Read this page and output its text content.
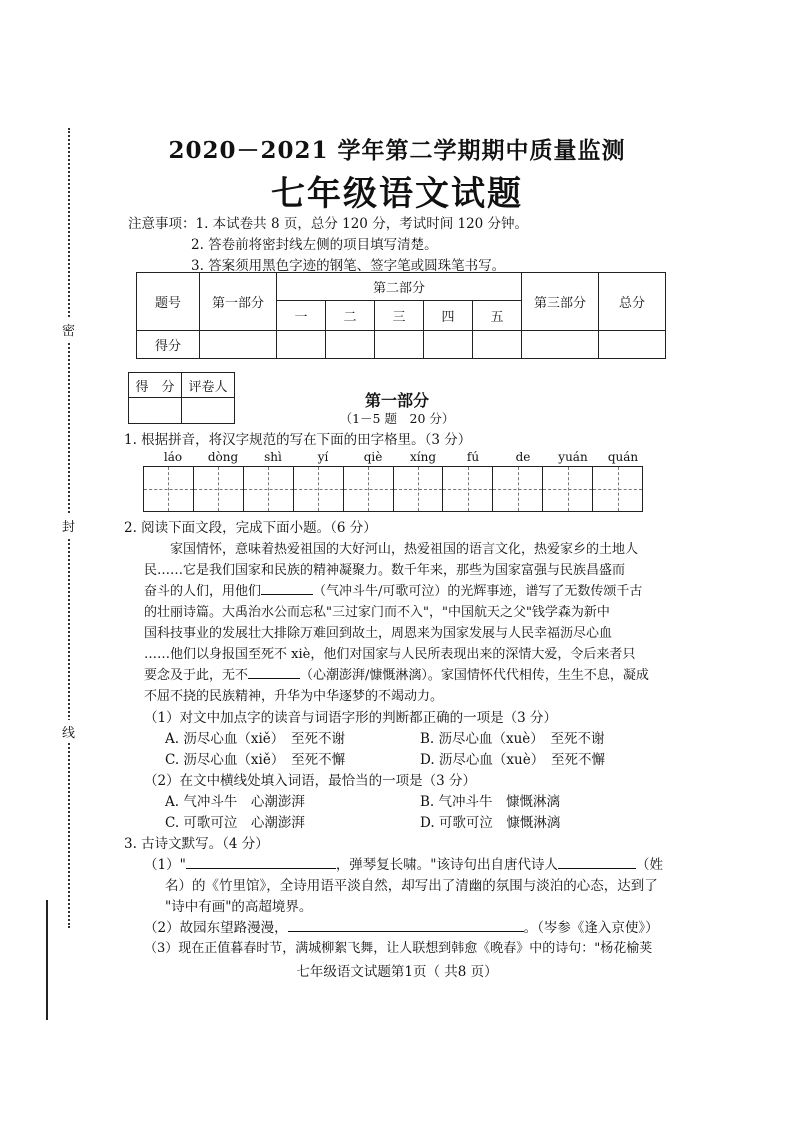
密
封
线
2020－2021 学年第二学期期中质量监测
七年级语文试题
注意事项：1. 本试卷共 8 页，总分 120 分，考试时间 120 分钟。
2. 答卷前将密封线左侧的项目填写清楚。
3. 答案须用黑色字迹的钢笔、签字笔或圆珠笔书写。
题号	第一部分	第二部分					第三部分	总分
		一	二	三	四	五		
得分								
得　分	评卷人

第一部分
（1－5 题　20 分）
1. 根据拼音，将汉字规范的写在下面的田字格里。（3 分）
láo	dòng	shì	yí	qiè	xíng	fú	de	yuán	quán
2. 阅读下面文段，完成下面小题。（6 分）
家国情怀，意味着热爱祖国的大好河山，热爱祖国的语言文化，热爱家乡的土地人
民……它是我们国家和民族的精神凝聚力。数千年来，那些为国家富强与民族昌盛而
奋斗的人们，用他们	（气冲斗牛/可歌可泣）的光辉事迹，谱写了无数传颂千古
的壮丽诗篇。大禹治水公而忘私"三过家门而不入"，"中国航天之父"钱学森为新中
国科技事业的发展壮大排除万难回到故土，周恩来为国家发展与人民幸福沥尽心血
……他们以身报国至死不 xiè，他们对国家与人民所表现出来的深情大爱，令后来者只
要念及于此，无不	（心潮澎湃/慷慨淋漓）。家国情怀代代相传，生生不息，凝成
不屈不挠的民族精神，升华为中华逐梦的不竭动力。
（1）对文中加点字的读音与词语字形的判断都正确的一项是（3 分）
A. 沥尽心血（xiě）　至死不谢	B. 沥尽心血（xuè）　至死不谢
C. 沥尽心血（xiě）　至死不懈	D. 沥尽心血（xuè）　至死不懈
（2）在文中横线处填入词语，最恰当的一项是（3 分）
A. 气冲斗牛　心潮澎湃	B. 气冲斗牛　慷慨淋漓
C. 可歌可泣　心潮澎湃	D. 可歌可泣　慷慨淋漓
3. 古诗文默写。（4 分）
（1）"	，弹琴复长啸。"该诗句出自唐代诗人	（姓
名）的《竹里馆》，全诗用语平淡自然，却写出了清幽的氛围与淡泊的心态，达到了
"诗中有画"的高超境界。
（2）故园东望路漫漫，	。（岑参《逢入京使》）
（3）现在正值暮春时节，满城柳絮飞舞，让人联想到韩愈《晚春》中的诗句："杨花榆荚
七年级语文试题第1页（ 共8 页）
